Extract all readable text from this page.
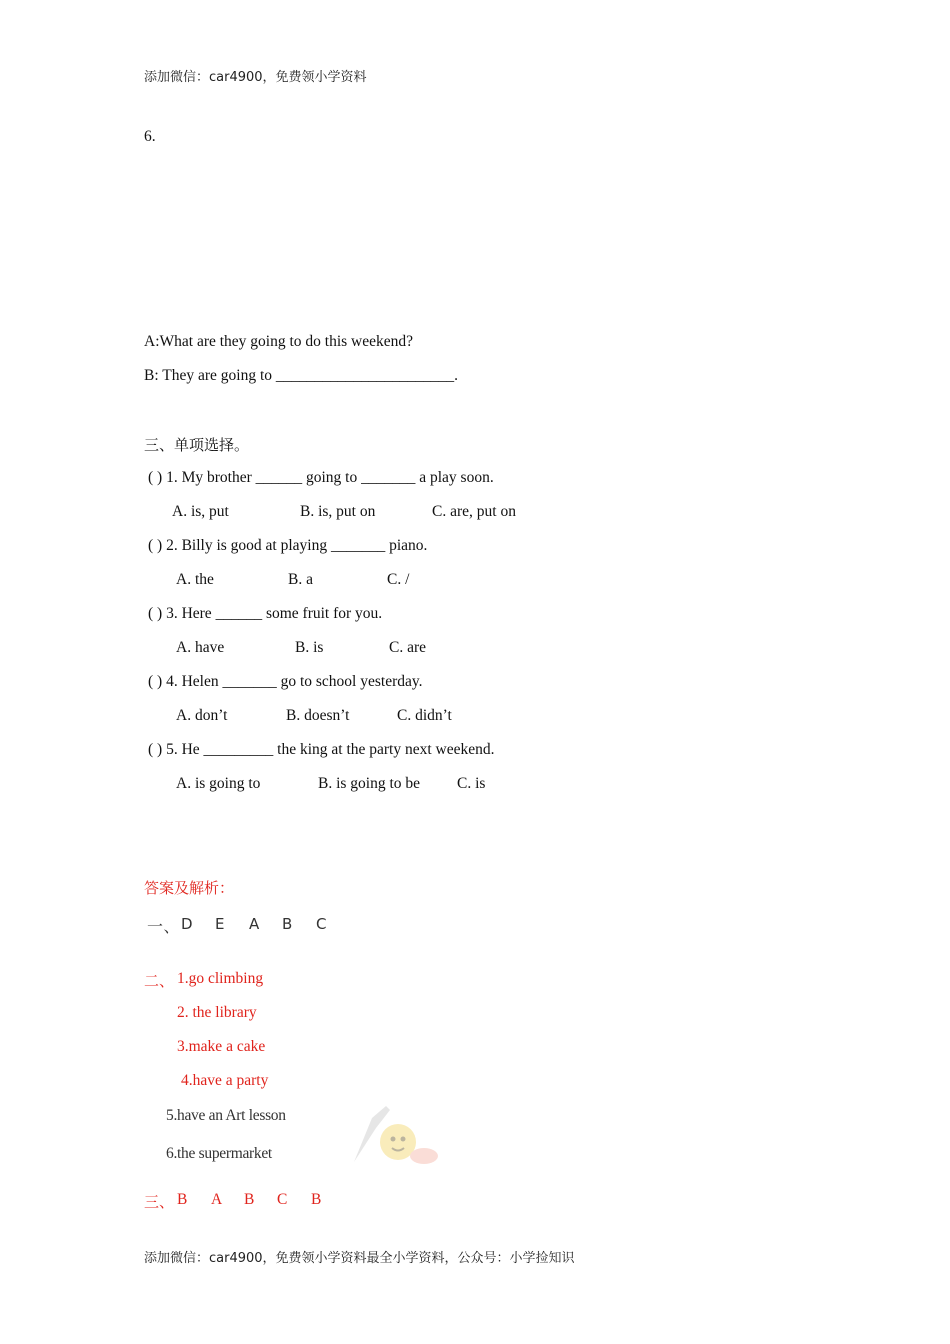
添加微信：car4900，免费领小学资料
6.
A:What are they going to do this weekend?
B: They are going to _______________________.
三、单项选择。
( ) 1. My brother ______ going to _______ a play soon.
A. is, put	B. is, put on	C. are, put on
( ) 2. Billy is good at playing _______ piano.
A. the	B. a	C. /
( ) 3. Here ______ some fruit for you.
A. have	B. is	C. are
( ) 4. Helen _______ go to school yesterday.
A. don’t	B. doesn’t	C. didn’t
( ) 5. He _________ the king at the party next weekend.
A. is going to	B. is going to be C. is
答案及解析：
一、 D E A B C
二、 1.go climbing
2. the library
3.make a cake
4.have a party
5.have an Art lesson
6.the supermarket
三、 B A B C B
添加微信：car4900，免费领小学资料最全小学资料，公众号：小学捡知识
